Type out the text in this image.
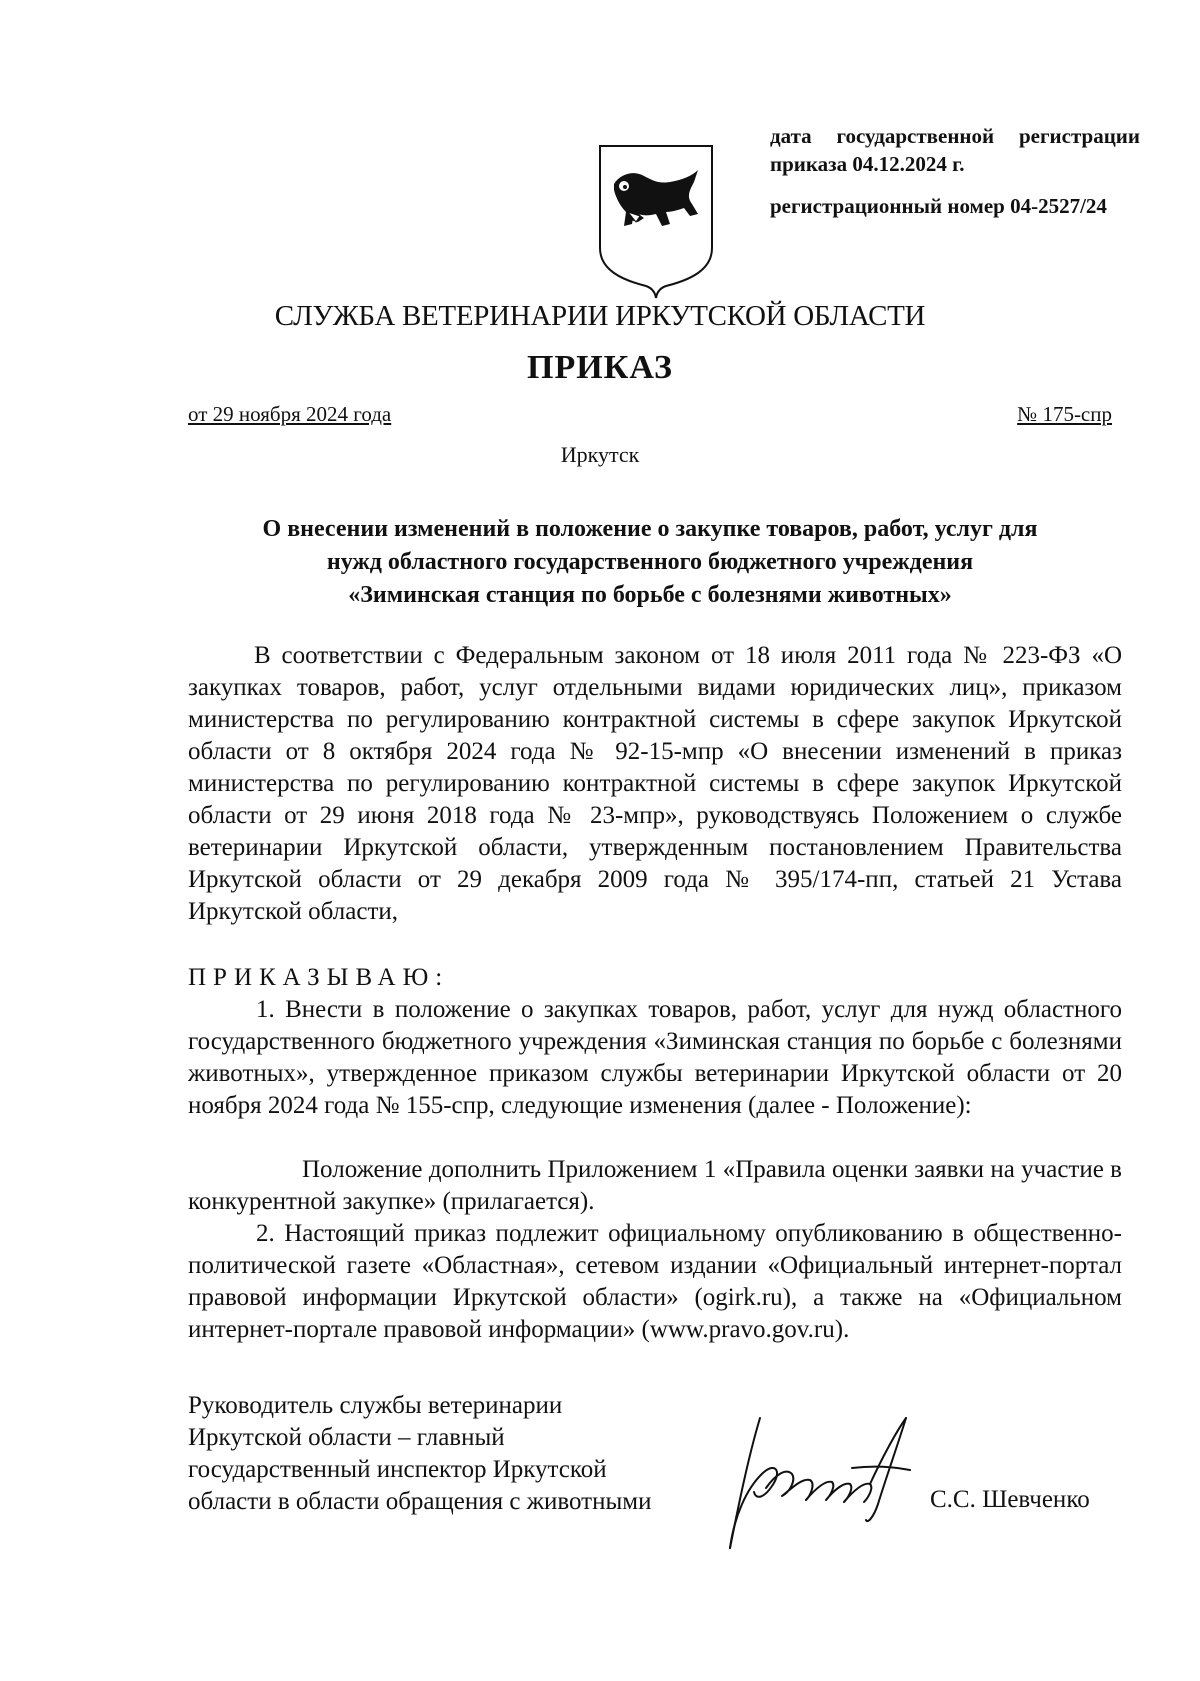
дата государственной регистрации
приказа 04.12.2024 г.
регистрационный номер 04-2527/24
СЛУЖБА ВЕТЕРИНАРИИ ИРКУТСКОЙ ОБЛАСТИ
ПРИКАЗ
от 29 ноября 2024 года	№ 175-спр
Иркутск
О внесении изменений в положение о закупке товаров, работ, услуг для
нужд областного государственного бюджетного учреждения
«Зиминская станция по борьбе с болезнями животных»

В соответствии с Федеральным законом от 18 июля 2011 года № 223-ФЗ «О закупках товаров, работ, услуг отдельными видами юридических лиц», приказом министерства по регулированию контрактной системы в сфере закупок Иркутской области от 8 октября 2024 года № 92-15-мпр «О внесении изменений в приказ министерства по регулированию контрактной системы в сфере закупок Иркутской области от 29 июня 2018 года № 23-мпр», руководствуясь Положением о службе ветеринарии Иркутской области, утвержденным постановлением Правительства Иркутской области от 29 декабря 2009 года № 395/174-пп, статьей 21 Устава Иркутской области,

ПРИКАЗЫВАЮ:

1. Внести в положение о закупках товаров, работ, услуг для нужд областного государственного бюджетного учреждения «Зиминская станция по борьбе с болезнями животных», утвержденное приказом службы ветеринарии Иркутской области от 20 ноября 2024 года № 155-спр, следующие изменения (далее - Положение):

Положение дополнить Приложением 1 «Правила оценки заявки на участие в конкурентной закупке» (прилагается).

2. Настоящий приказ подлежит официальному опубликованию в общественно-политической газете «Областная», сетевом издании «Официальный интернет-портал правовой информации Иркутской области» (ogirk.ru), а также на «Официальном интернет-портале правовой информации» (www.pravo.gov.ru).

Руководитель службы ветеринарии
Иркутской области – главный
государственный инспектор Иркутской
области в области обращения с животными	С.С. Шевченко
